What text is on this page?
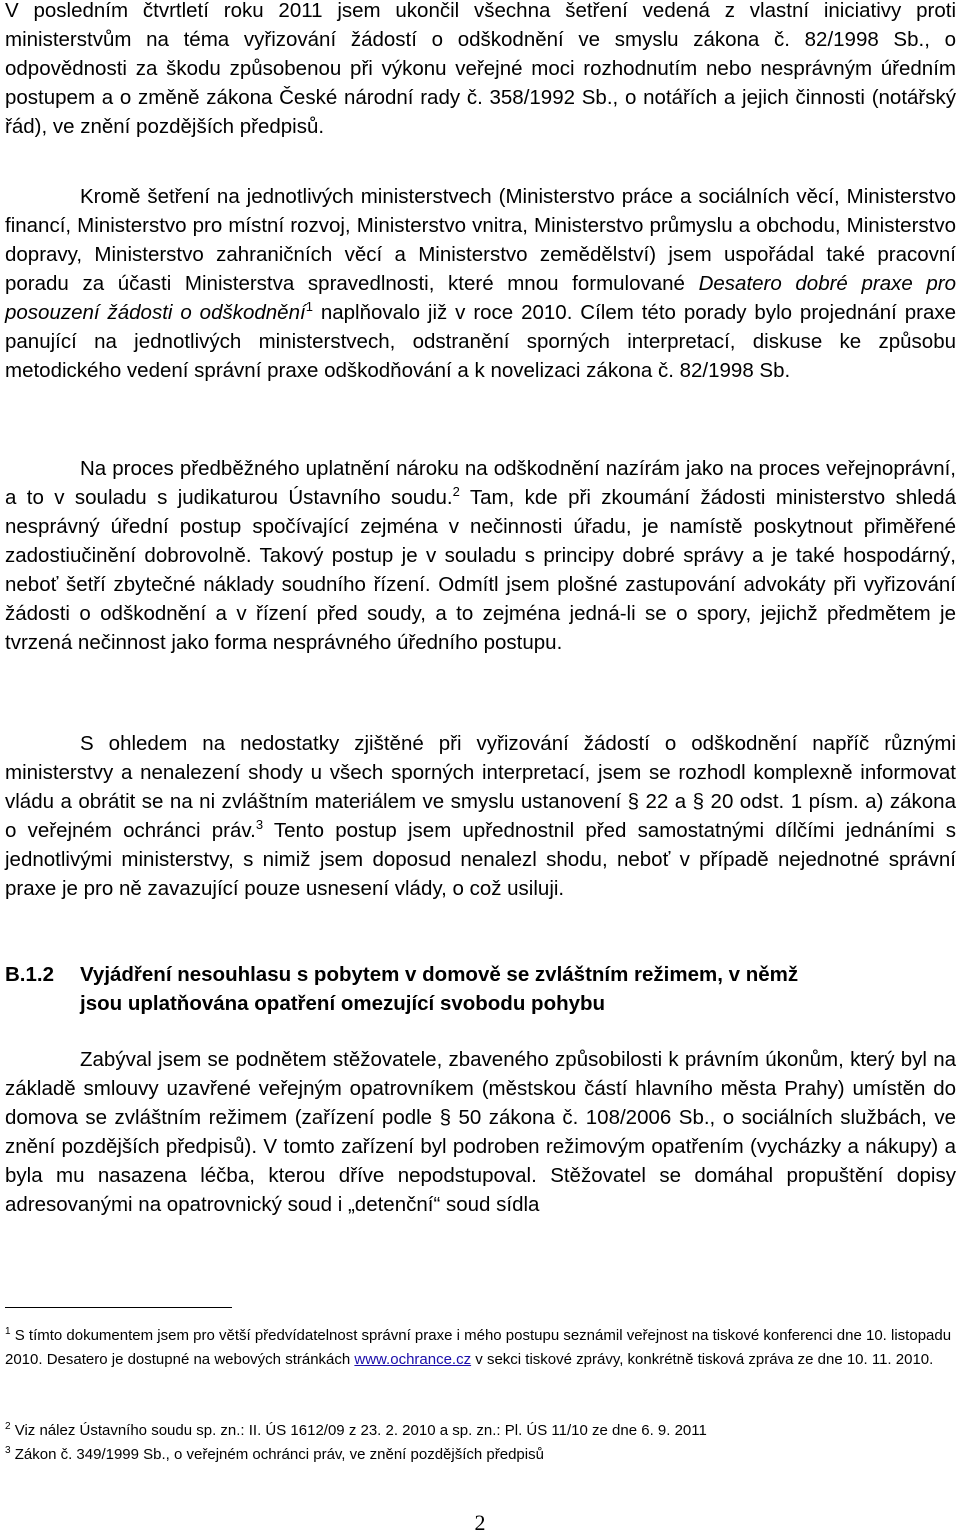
V posledním čtvrtletí roku 2011 jsem ukončil všechna šetření vedená z vlastní iniciativy proti ministerstvům na téma vyřizování žádostí o odškodnění ve smyslu zákona č. 82/1998 Sb., o odpovědnosti za škodu způsobenou při výkonu veřejné moci rozhodnutím nebo nesprávným úředním postupem a o změně zákona České národní rady č. 358/1992 Sb., o notářích a jejich činnosti (notářský řád), ve znění pozdějších předpisů.

Kromě šetření na jednotlivých ministerstvech (Ministerstvo práce a sociálních věcí, Ministerstvo financí, Ministerstvo pro místní rozvoj, Ministerstvo vnitra, Ministerstvo průmyslu a obchodu, Ministerstvo dopravy, Ministerstvo zahraničních věcí a Ministerstvo zemědělství) jsem uspořádal také pracovní poradu za účasti Ministerstva spravedlnosti, které mnou formulované Desatero dobré praxe pro posouzení žádosti o odškodnění$^1$ naplňovalo již v roce 2010. Cílem této porady bylo projednání praxe panující na jednotlivých ministerstvech, odstranění sporných interpretací, diskuse ke způsobu metodického vedení správní praxe odškodňování a k novelizaci zákona č. 82/1998 Sb.

Na proces předběžného uplatnění nároku na odškodnění nazírám jako na proces veřejnoprávní, a to v souladu s judikaturou Ústavního soudu.$^2$ Tam, kde při zkoumání žádosti ministerstvo shledá nesprávný úřední postup spočívající zejména v nečinnosti úřadu, je namístě poskytnout přiměřené zadostiučinění dobrovolně. Takový postup je v souladu s principy dobré správy a je také hospodárný, neboť šetří zbytečné náklady soudního řízení. Odmítl jsem plošné zastupování advokáty při vyřizování žádosti o odškodnění a v řízení před soudy, a to zejména jedná-li se o spory, jejichž předmětem je tvrzená nečinnost jako forma nesprávného úředního postupu.

S ohledem na nedostatky zjištěné při vyřizování žádostí o odškodnění napříč různými ministerstvy a nenalezení shody u všech sporných interpretací, jsem se rozhodl komplexně informovat vládu a obrátit se na ni zvláštním materiálem ve smyslu ustanovení § 22 a § 20 odst. 1 písm. a) zákona o veřejném ochránci práv.$^3$ Tento postup jsem upřednostnil před samostatnými dílčími jednáními s jednotlivými ministerstvy, s nimiž jsem doposud nenalezl shodu, neboť v případě nejednotné správní praxe je pro ně zavazující pouze usnesení vlády, o což usiluji.

B.1.2 Vyjádření nesouhlasu s pobytem v domově se zvláštním režimem, v němž
jsou uplatňována opatření omezující svobodu pohybu

Zabýval jsem se podnětem stěžovatele, zbaveného způsobilosti k právním úkonům, který byl na základě smlouvy uzavřené veřejným opatrovníkem (městskou částí hlavního města Prahy) umístěn do domova se zvláštním režimem (zařízení podle § 50 zákona č. 108/2006 Sb., o sociálních službách, ve znění pozdějších předpisů). V tomto zařízení byl podroben režimovým opatřením (vycházky a nákupy) a byla mu nasazena léčba, kterou dříve nepodstupoval. Stěžovatel se domáhal propuštění dopisy adresovanými na opatrovnický soud i „detenční“ soud sídla

$^1$ S tímto dokumentem jsem pro větší předvídatelnost správní praxe i mého postupu seznámil veřejnost na tiskové konferenci dne 10. listopadu 2010. Desatero je dostupné na webových stránkách www.ochrance.cz v sekci tiskové zprávy, konkrétně tisková zpráva ze dne 10. 11. 2010.

$^2$ Viz nález Ústavního soudu sp. zn.: II. ÚS 1612/09 z 23. 2. 2010 a sp. zn.: Pl. ÚS 11/10 ze dne 6. 9. 2011

$^3$ Zákon č. 349/1999 Sb., o veřejném ochránci práv, ve znění pozdějších předpisů

2
